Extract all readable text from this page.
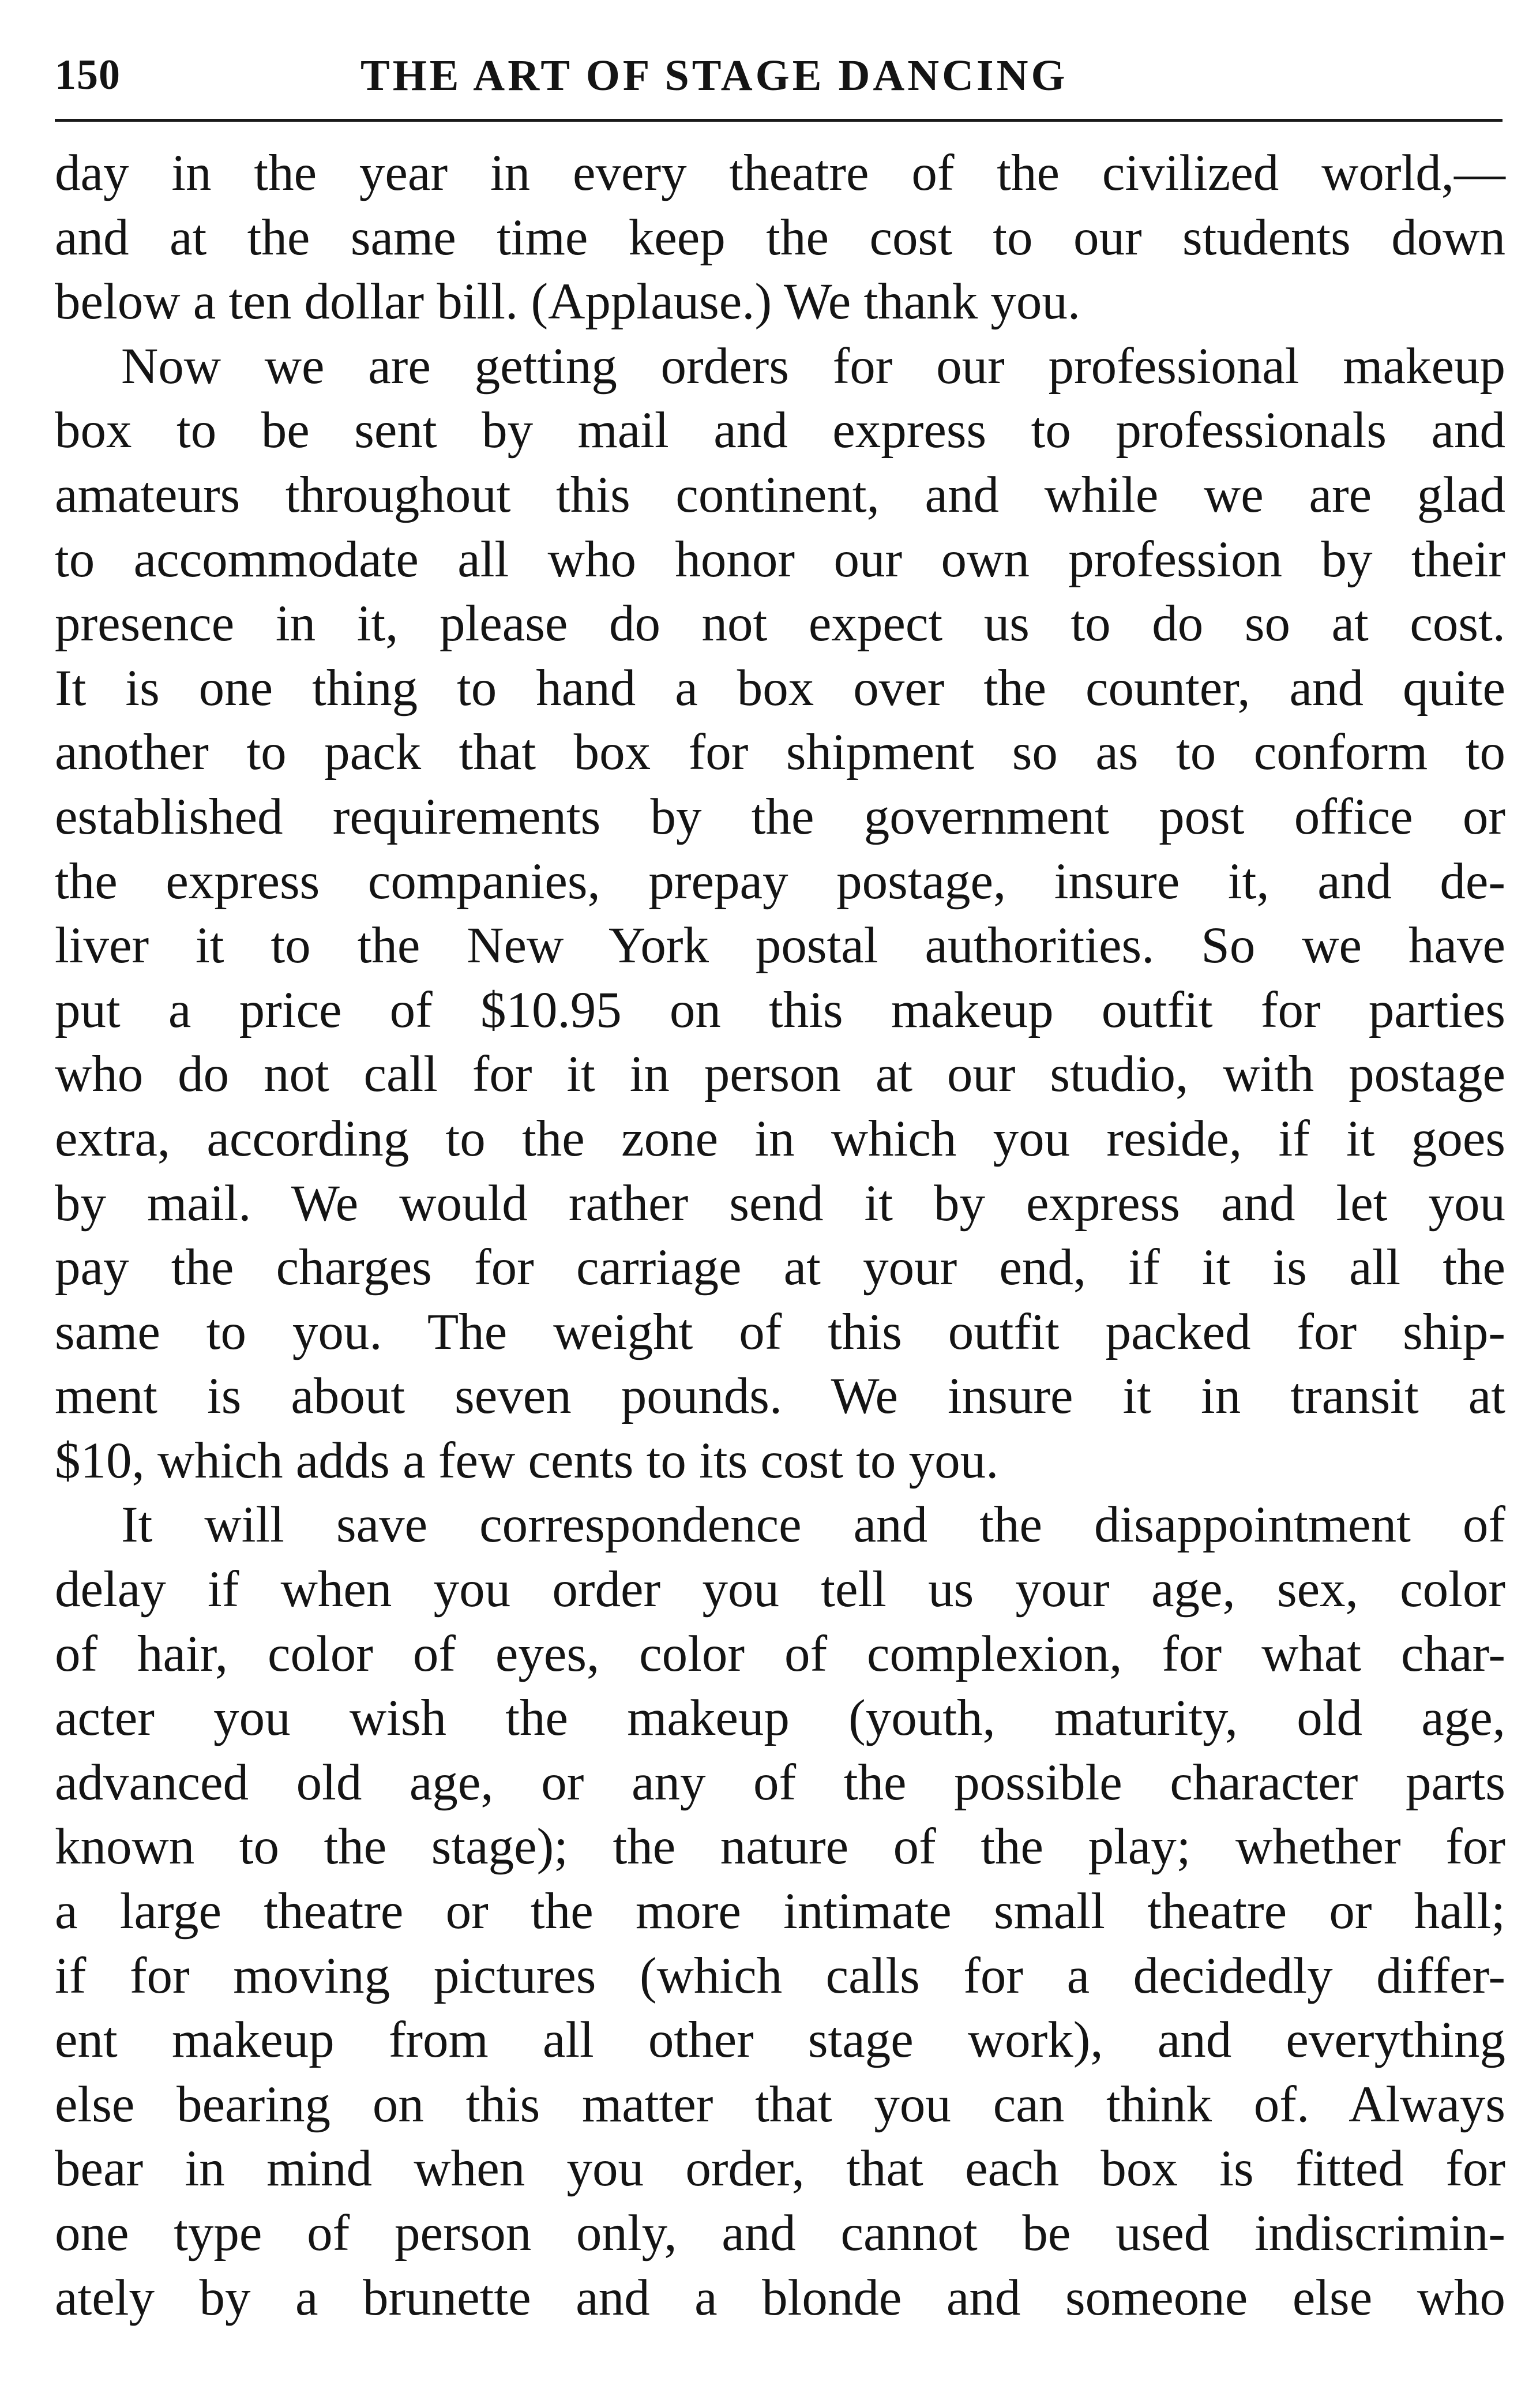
150	THE ART OF STAGE DANCING
day in the year in every theatre of the civilized world,—
and at the same time keep the cost to our students down
below a ten dollar bill. (Applause.) We thank you.
Now we are getting orders for our professional makeup
box to be sent by mail and express to professionals and
amateurs throughout this continent, and while we are glad
to accommodate all who honor our own profession by their
presence in it, please do not expect us to do so at cost.
It is one thing to hand a box over the counter, and quite
another to pack that box for shipment so as to conform to
established requirements by the government post office or
the express companies, prepay postage, insure it, and de-
liver it to the New York postal authorities. So we have
put a price of $10.95 on this makeup outfit for parties
who do not call for it in person at our studio, with postage
extra, according to the zone in which you reside, if it goes
by mail. We would rather send it by express and let you
pay the charges for carriage at your end, if it is all the
same to you. The weight of this outfit packed for ship-
ment is about seven pounds. We insure it in transit at
$10, which adds a few cents to its cost to you.
It will save correspondence and the disappointment of
delay if when you order you tell us your age, sex, color
of hair, color of eyes, color of complexion, for what char-
acter you wish the makeup (youth, maturity, old age,
advanced old age, or any of the possible character parts
known to the stage); the nature of the play; whether for
a large theatre or the more intimate small theatre or hall;
if for moving pictures (which calls for a decidedly differ-
ent makeup from all other stage work), and everything
else bearing on this matter that you can think of. Always
bear in mind when you order, that each box is fitted for
one type of person only, and cannot be used indiscrimin-
ately by a brunette and a blonde and someone else who
